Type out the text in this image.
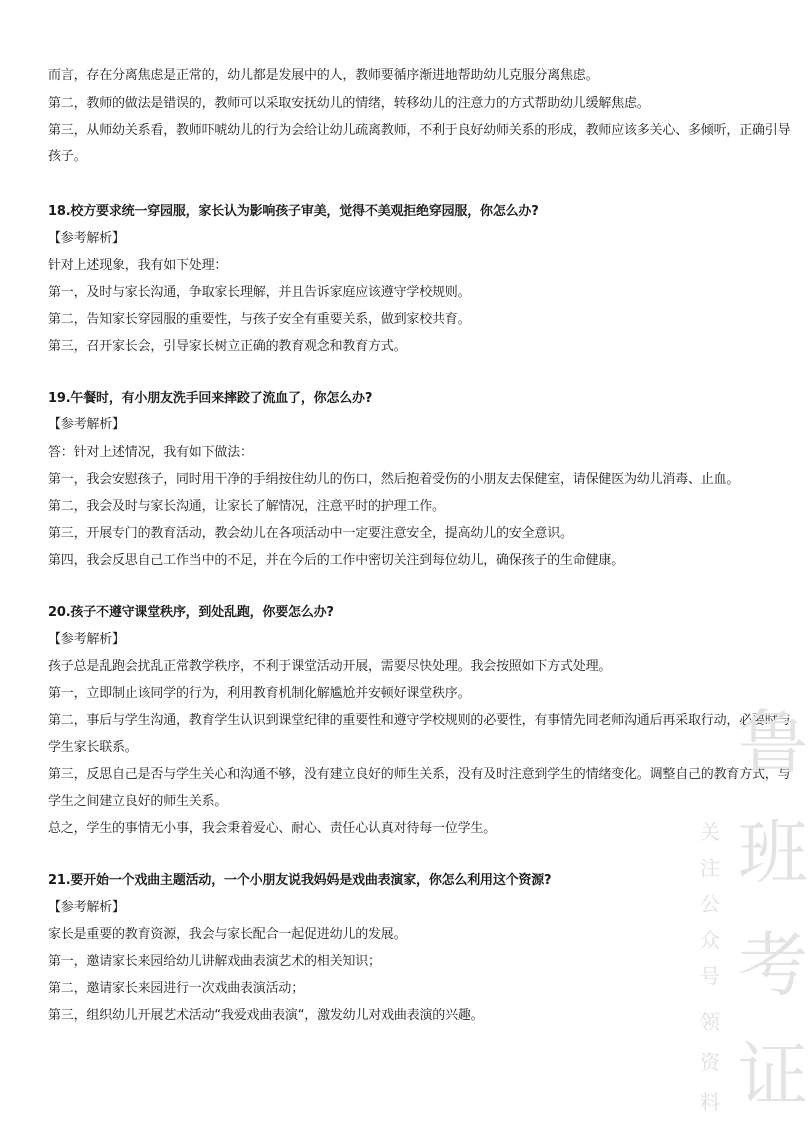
而言，存在分离焦虑是正常的，幼儿都是发展中的人，教师要循序渐进地帮助幼儿克服分离焦虑。
第二，教师的做法是错误的，教师可以采取安抚幼儿的情绪，转移幼儿的注意力的方式帮助幼儿缓解焦虑。
第三，从师幼关系看，教师吓唬幼儿的行为会给让幼儿疏离教师，不利于良好幼师关系的形成，教师应该多关心、多倾听，正确引导
孩子。
18.校方要求统一穿园服，家长认为影响孩子审美，觉得不美观拒绝穿园服，你怎么办?
【参考解析】
针对上述现象，我有如下处理：
第一，及时与家长沟通，争取家长理解，并且告诉家庭应该遵守学校规则。
第二，告知家长穿园服的重要性，与孩子安全有重要关系，做到家校共育。
第三，召开家长会，引导家长树立正确的教育观念和教育方式。
19.午餐时，有小朋友洗手回来摔跤了流血了，你怎么办?
【参考解析】
答：针对上述情况，我有如下做法：
第一，我会安慰孩子，同时用干净的手绢按住幼儿的伤口，然后抱着受伤的小朋友去保健室，请保健医为幼儿消毒、止血。
第二，我会及时与家长沟通，让家长了解情况，注意平时的护理工作。
第三，开展专门的教育活动，教会幼儿在各项活动中一定要注意安全，提高幼儿的安全意识。
第四，我会反思自己工作当中的不足，并在今后的工作中密切关注到每位幼儿，确保孩子的生命健康。
20.孩子不遵守课堂秩序，到处乱跑，你要怎么办?
【参考解析】
孩子总是乱跑会扰乱正常教学秩序，不利于课堂活动开展，需要尽快处理。我会按照如下方式处理。
第一，立即制止该同学的行为，利用教育机制化解尴尬并安顿好课堂秩序。
第二，事后与学生沟通，教育学生认识到课堂纪律的重要性和遵守学校规则的必要性，有事情先同老师沟通后再采取行动，必要时与
学生家长联系。
第三，反思自己是否与学生关心和沟通不够，没有建立良好的师生关系，没有及时注意到学生的情绪变化。调整自己的教育方式，与
学生之间建立良好的师生关系。
总之，学生的事情无小事，我会秉着爱心、耐心、责任心认真对待每一位学生。
21.要开始一个戏曲主题活动，一个小朋友说我妈妈是戏曲表演家，你怎么利用这个资源?
【参考解析】
家长是重要的教育资源，我会与家长配合一起促进幼儿的发展。
第一，邀请家长来园给幼儿讲解戏曲表演艺术的相关知识；
第二，邀请家长来园进行一次戏曲表演活动；
第三，组织幼儿开展艺术活动“我爱戏曲表演“，激发幼儿对戏曲表演的兴趣。
鲁
班
考
证
关
注
公
众
号
领
资
料
